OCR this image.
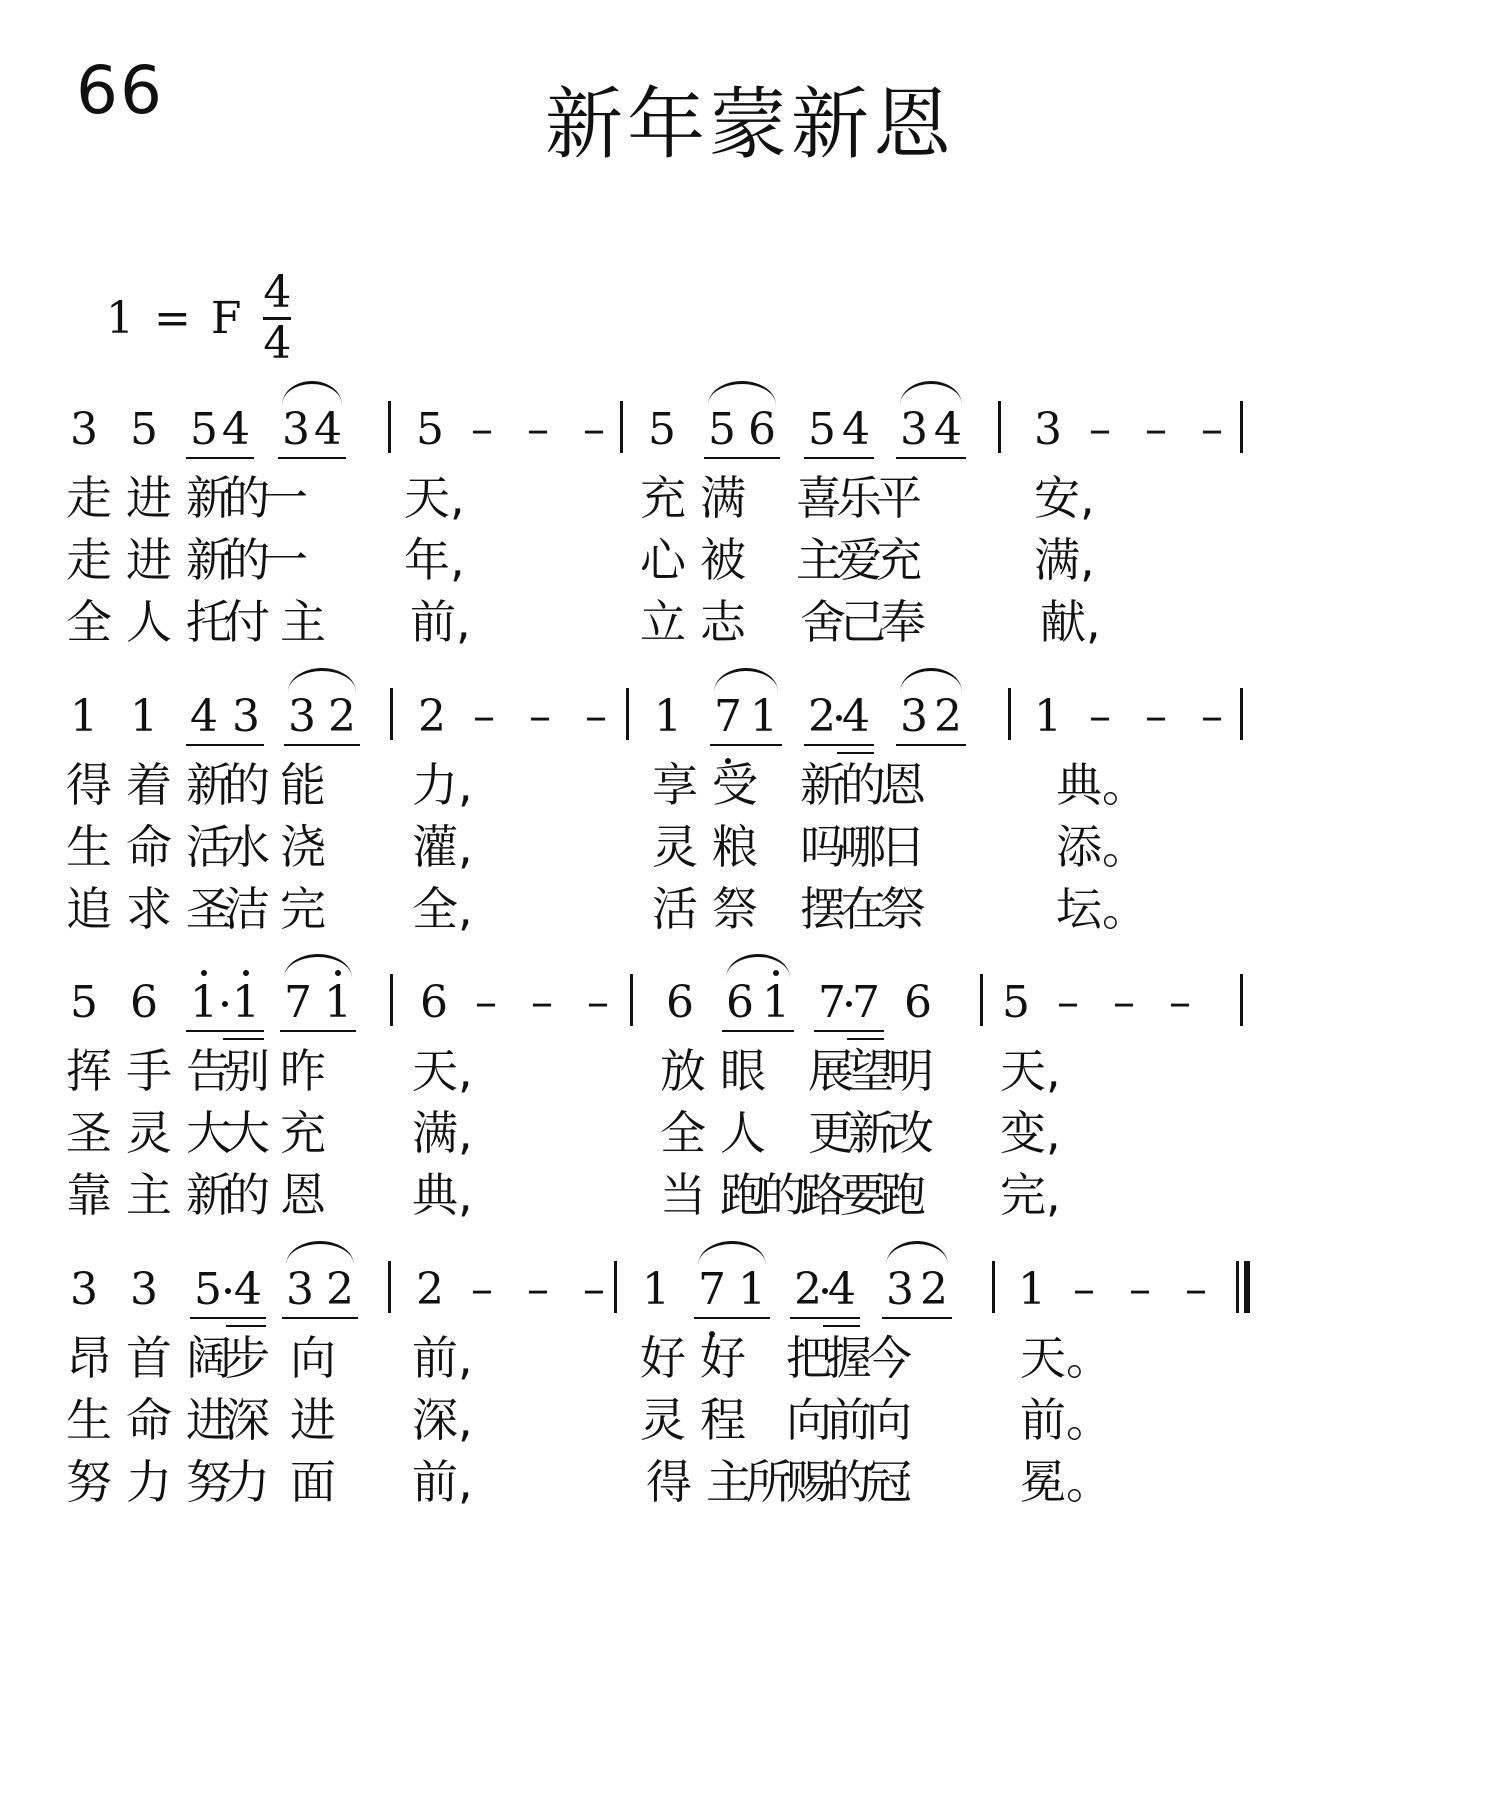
66	新年蒙新恩
1 = F $\frac{4}{4}$
3 5 5 4 3 4 5	5 5 6 5 4 3 4 3
– – –	– – –
走 进 新
的
一 天,	充 满 喜
乐
平 安,
走 进 新
的
一 年,	心 被 主
爱
充 满,
全 人 托
付 主 前,	立 志 舍
己
奉 献,
1 1 4 3 3 2 2	1 7 1 2 4 3 2 1
– – –	– – –
得 着 新
的 能 力,	享 受 新
的
恩	典。
生 命 活
水 浇 灌,	灵 粮 吗
哪
日	添。
追 求 圣
洁 完 全,	活 祭 摆
在
祭	坛。
5 6 1 1 7 1 6	6 6 1 7 7 6 5
– – –	– – –
挥 手 告
别 昨 天,	放 眼 展
望
明 天,
圣 灵 大
大 充 满,	全 人 更
新
改 变,
靠 主 新
的 恩 典,	当 跑
的
路
要
跑 完,
3 3 5 4 3 2 2	1 7 1 2 4 3 2 1
– – –	– – –
昂 首 阔
步 向 前,	好 好 把
握
今 天。
生 命 进
深 进 深,	灵 程 向
前
向 前。
努 力 努
力 面 前,	得 主
所
赐
的
冠 冕。
